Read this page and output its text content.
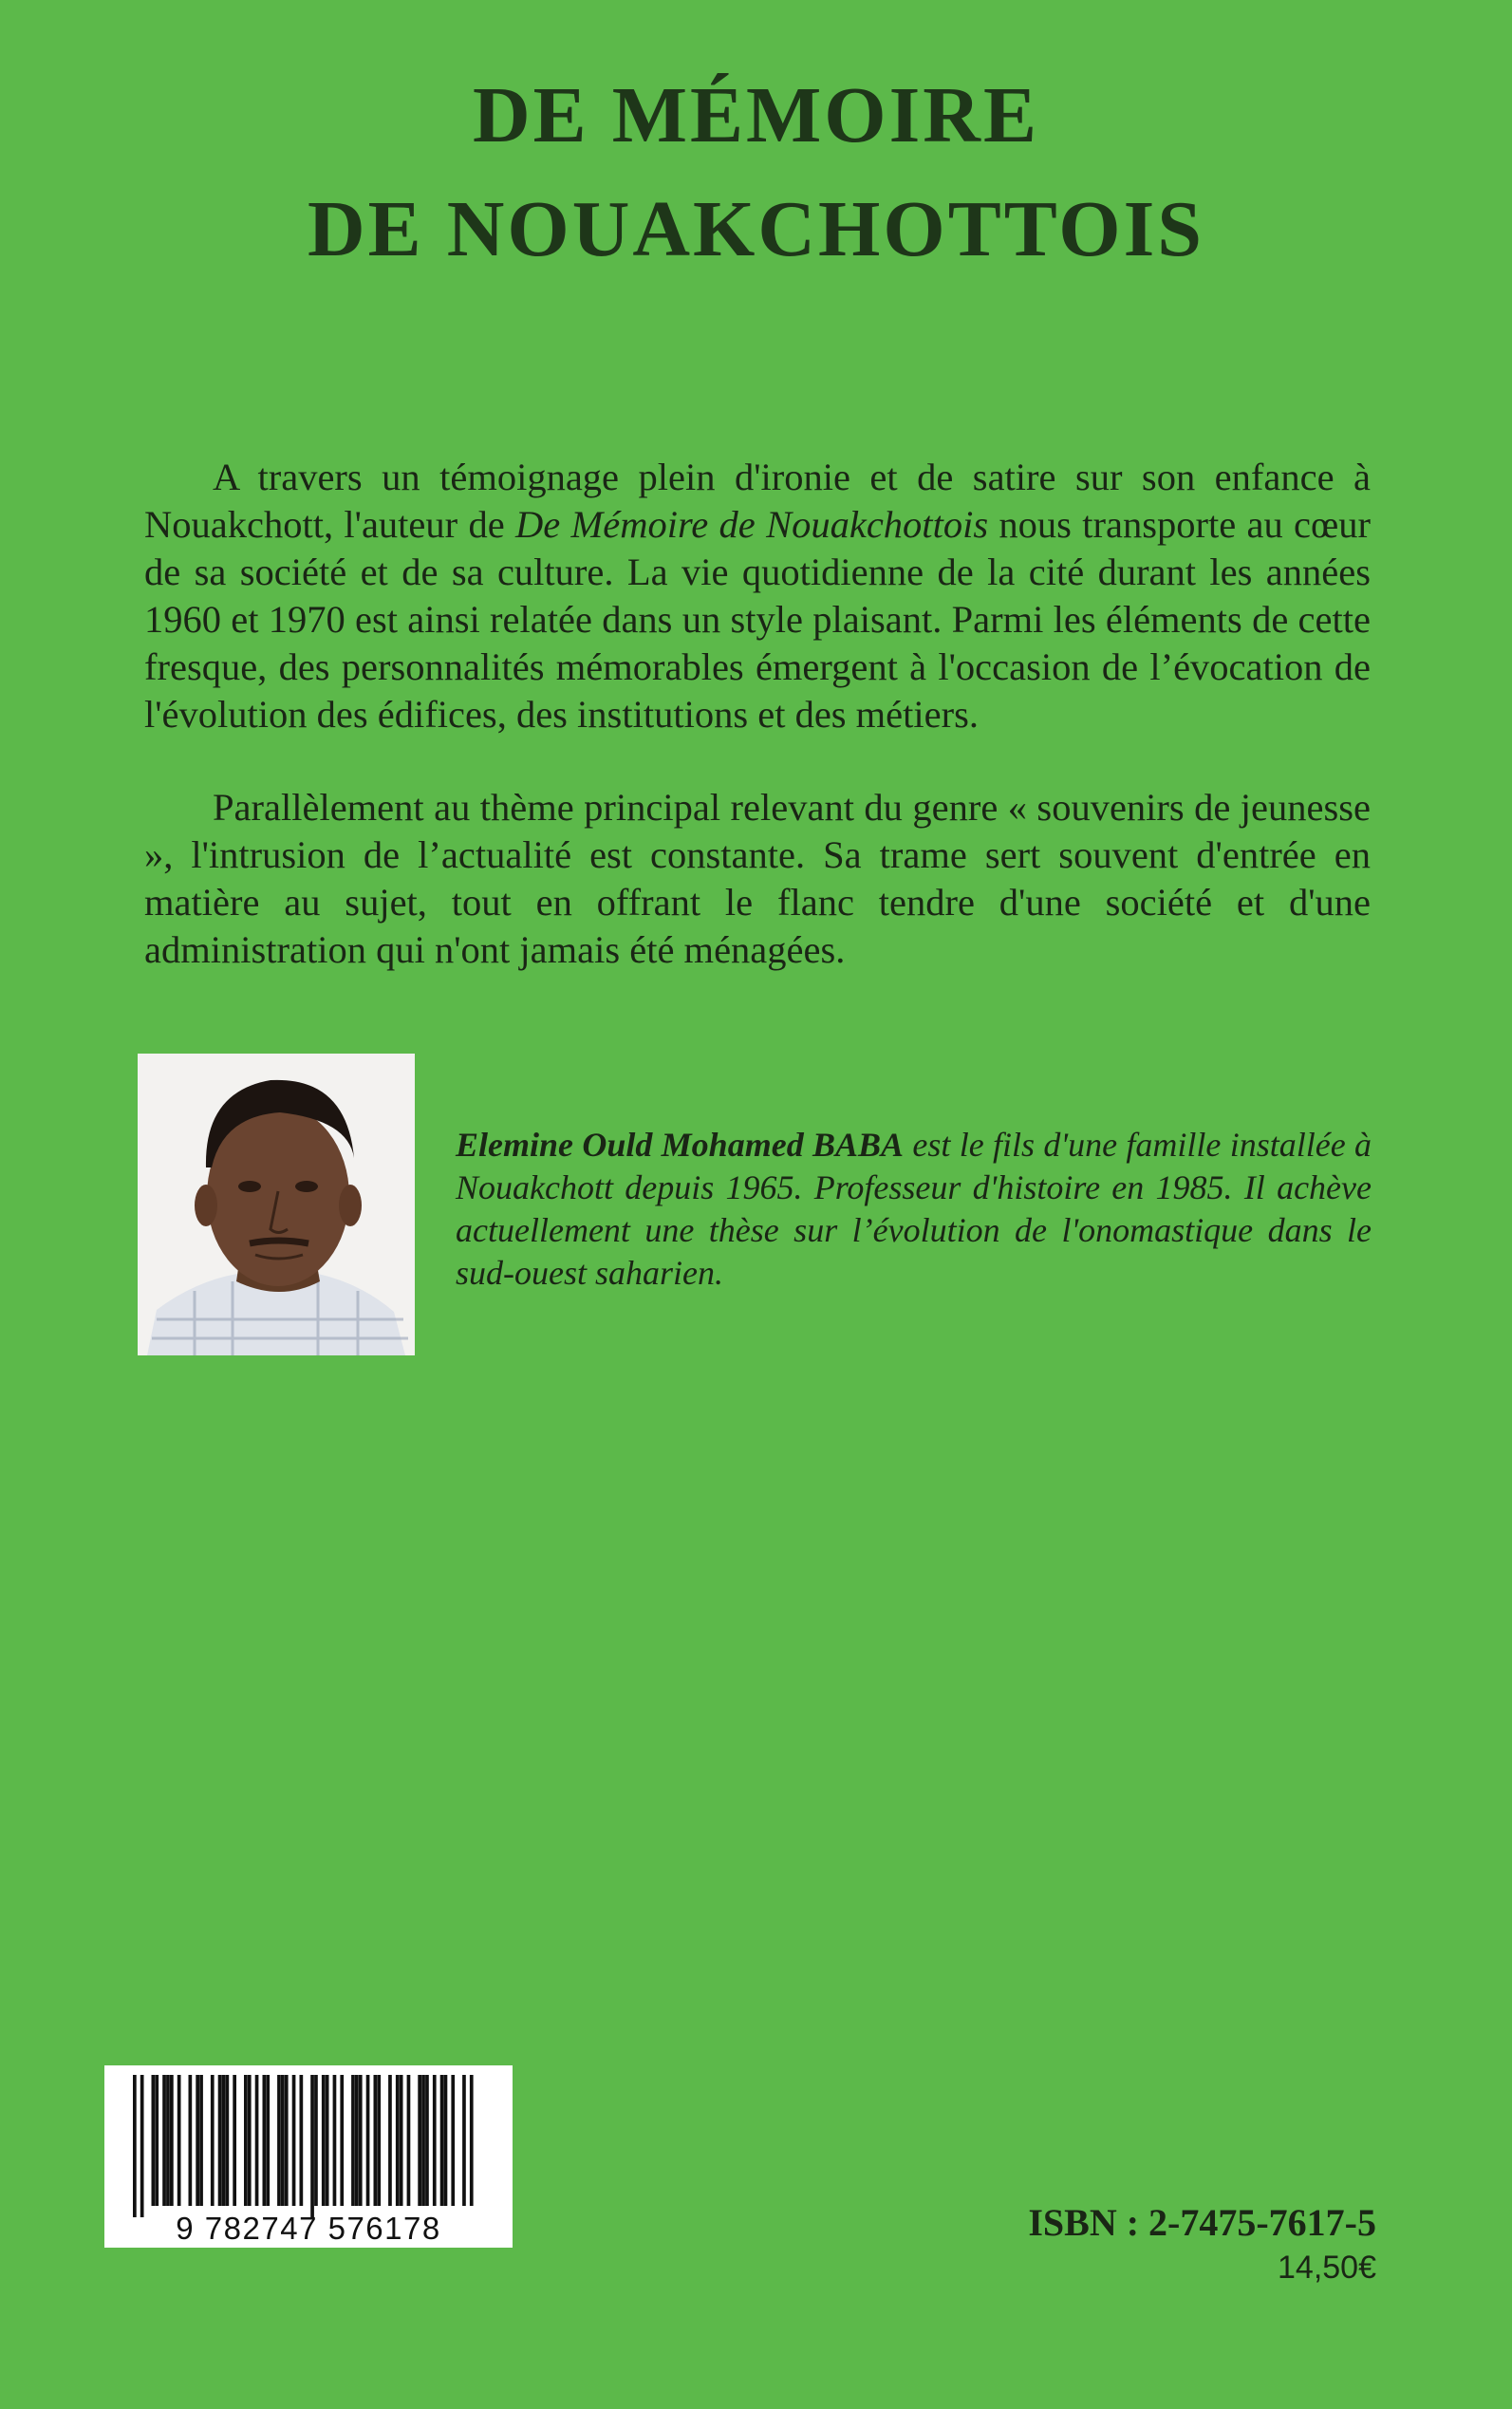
DE MÉMOIRE
DE NOUAKCHOTTOIS

A travers un témoignage plein d'ironie et de satire sur son enfance à Nouakchott, l'auteur de De Mémoire de Nouakchottois nous transporte au cœur de sa société et de sa culture. La vie quotidienne de la cité durant les années 1960 et 1970 est ainsi relatée dans un style plaisant. Parmi les éléments de cette fresque, des personnalités mémorables émergent à l'occasion de l’évocation de l'évolution des édifices, des institutions et des métiers.

Parallèlement au thème principal relevant du genre « souvenirs de jeunesse », l'intrusion de l’actualité est constante. Sa trame sert souvent d'entrée en matière au sujet, tout en offrant le flanc tendre d'une société et d'une administration qui n'ont jamais été ménagées.

Elemine Ould Mohamed BABA est le fils d'une famille installée à Nouakchott depuis 1965. Professeur d'histoire en 1985. Il achève actuellement une thèse sur l’évolution de l'onomastique dans le sud-ouest saharien.
9 782747 576178	ISBN : 2-7475-7617-5
14,50€
